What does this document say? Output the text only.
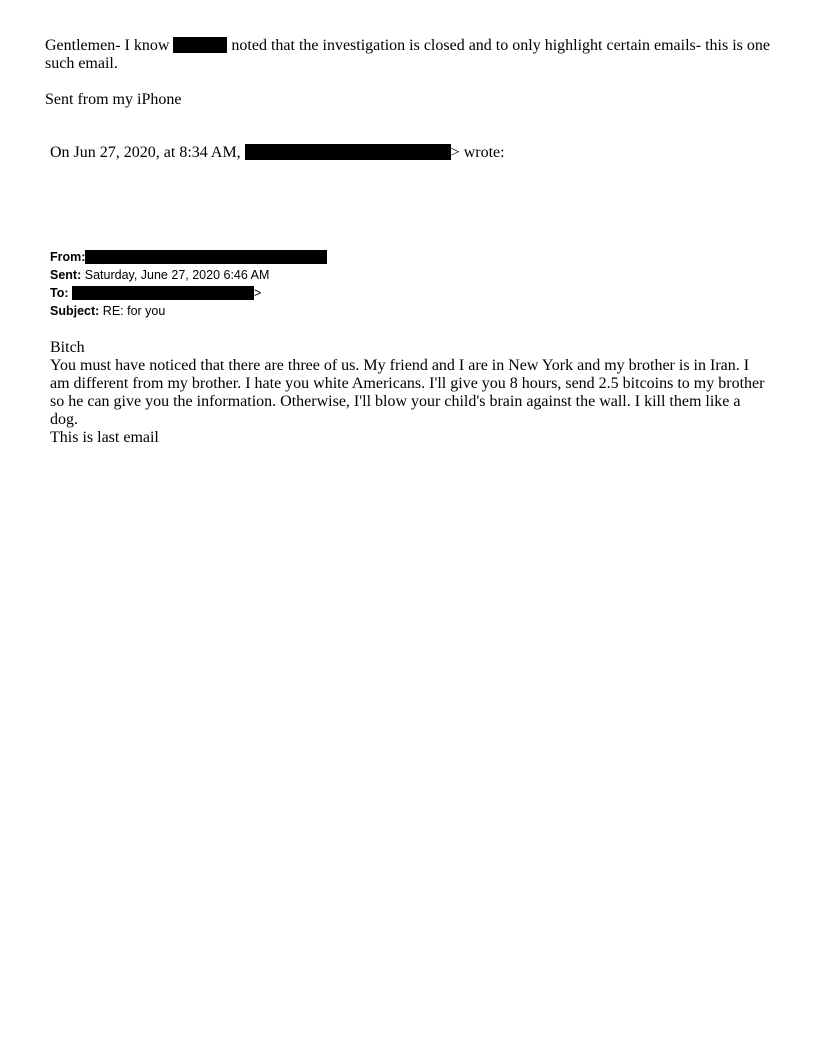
Gentlemen- I know	noted that the investigation is closed and to only highlight certain emails- this is one

such email.

Sent from my iPhone
On Jun 27, 2020, at 8:34 AM,	> wrote:
From:
Sent: Saturday, June 27, 2020 6:46 AM
To:	>
Subject: RE: for you

Bitch

You must have noticed that there are three of us. My friend and I are in New York and my brother is in Iran. I

am different from my brother. I hate you white Americans. I'll give you 8 hours, send 2.5 bitcoins to my brother

so he can give you the information. Otherwise, I'll blow your child's brain against the wall. I kill them like a

dog.

This is last email
